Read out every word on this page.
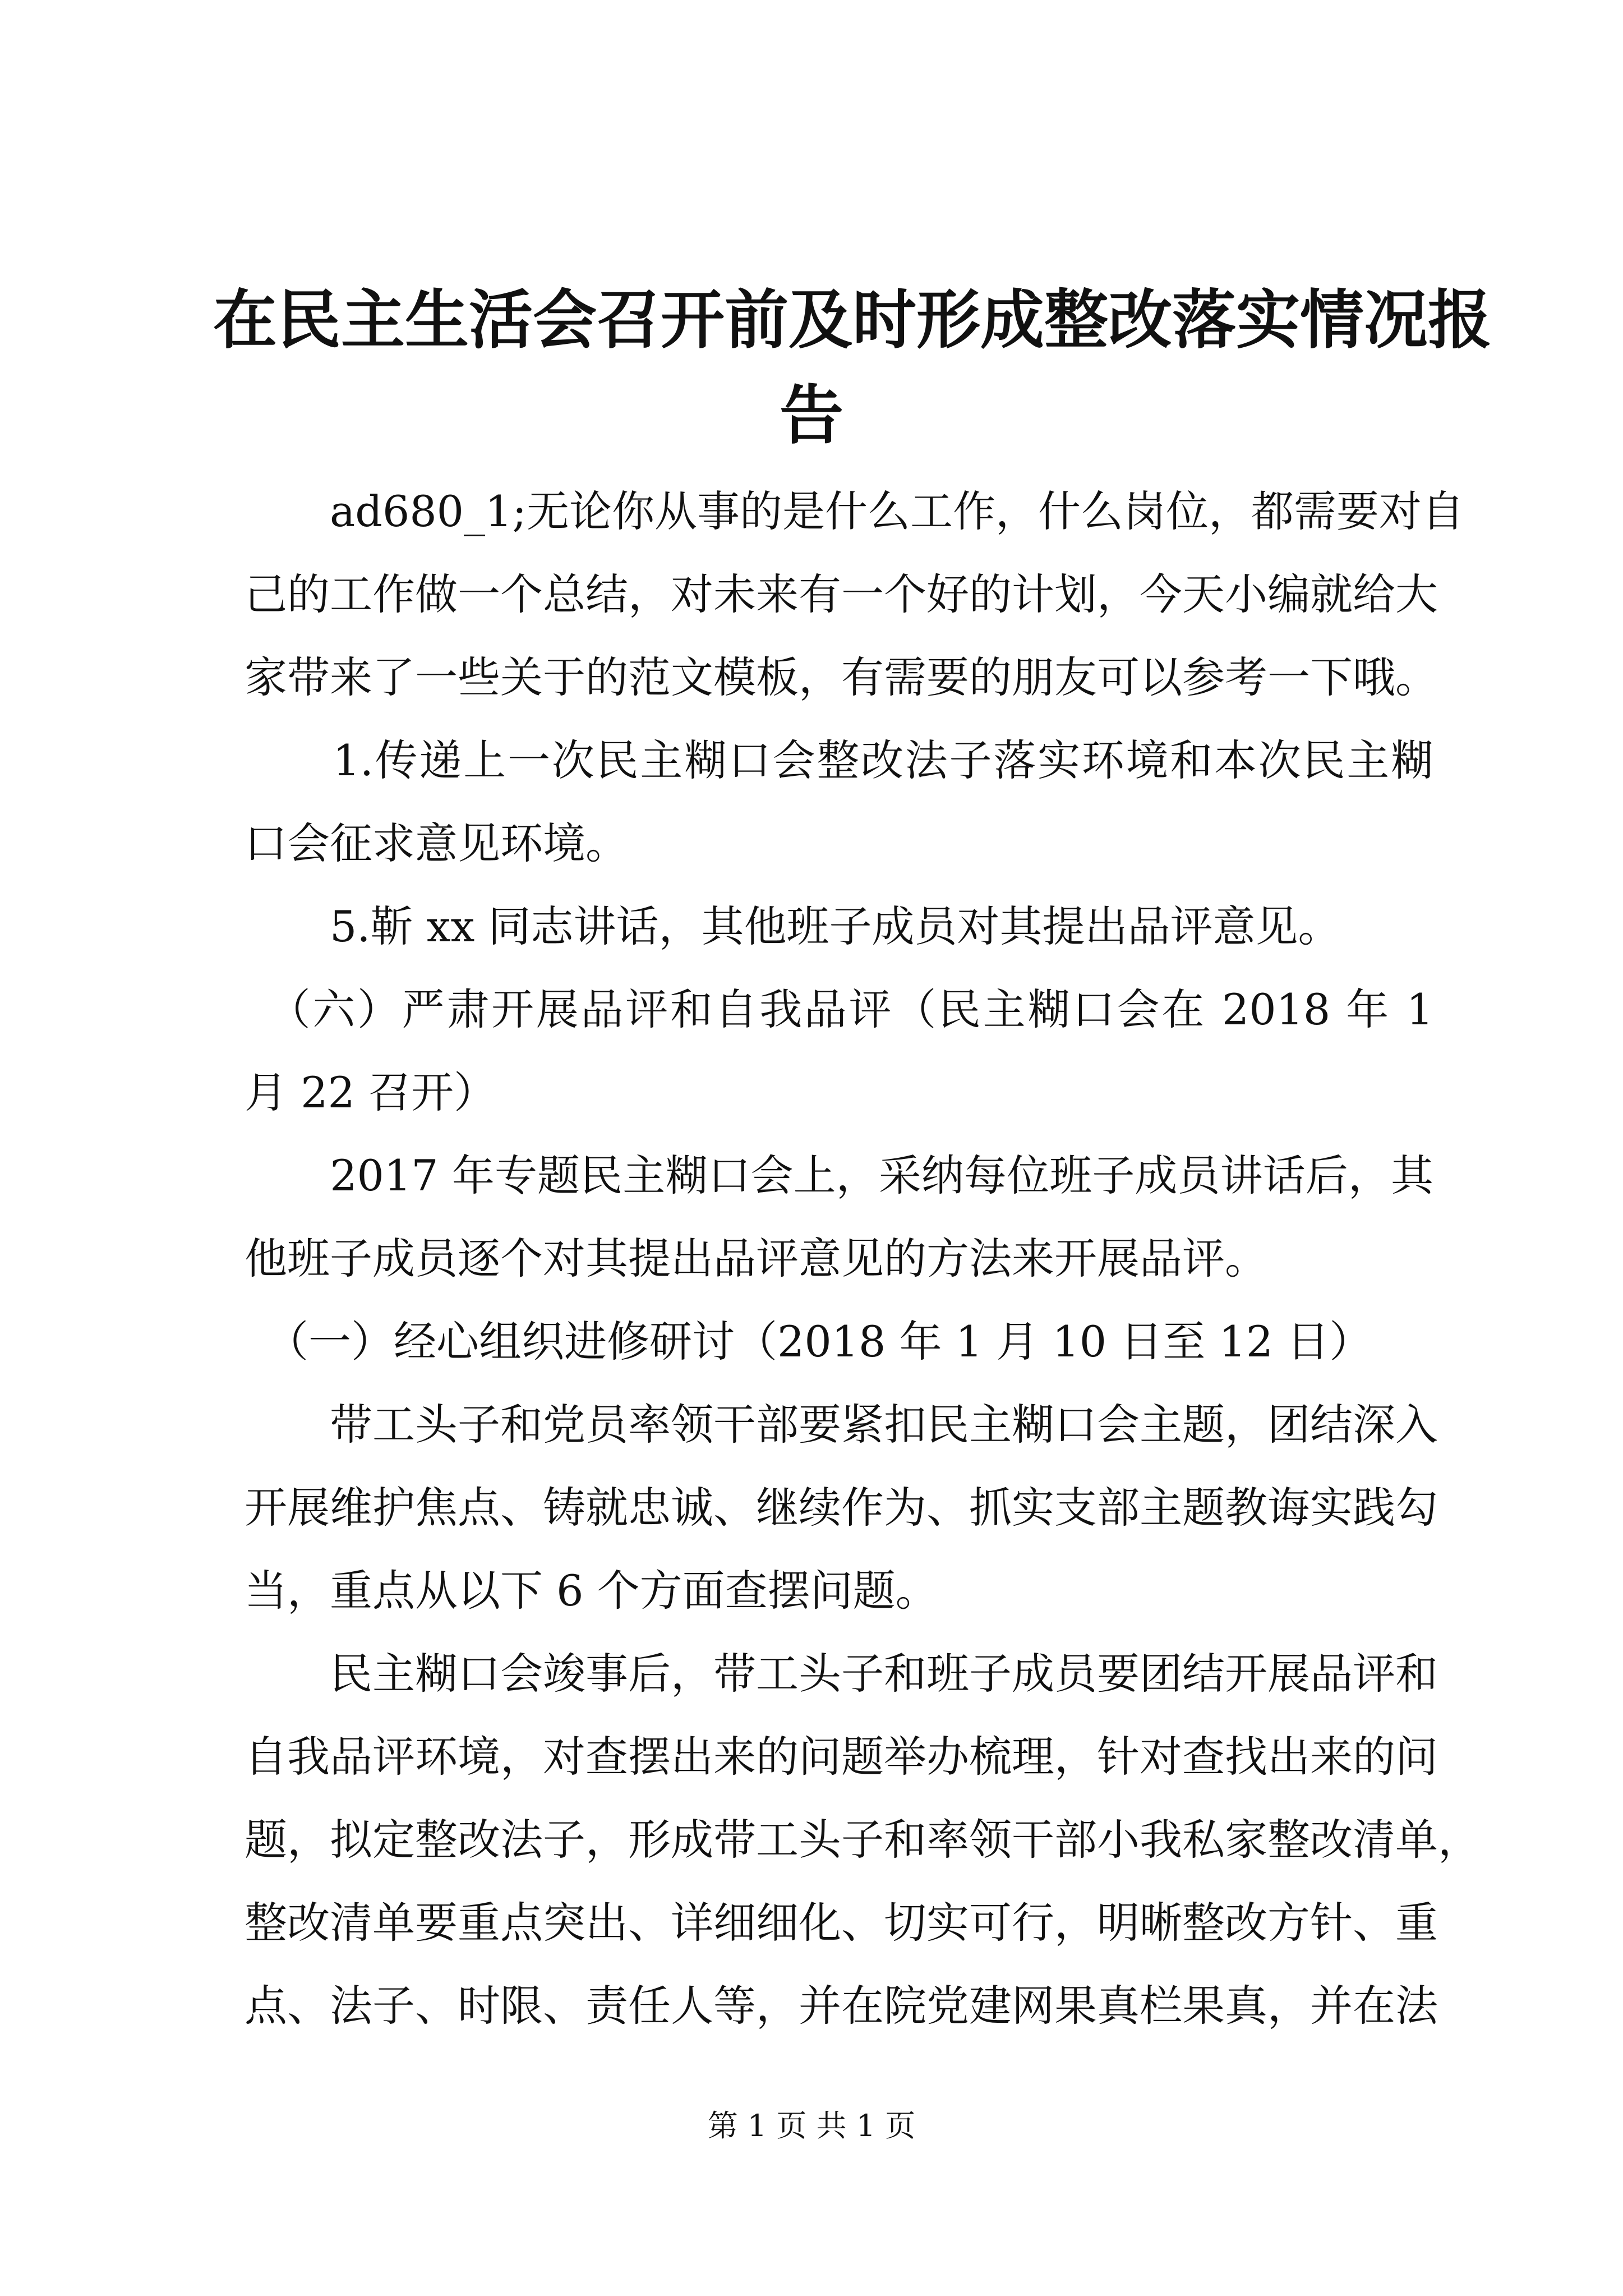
在民主生活会召开前及时形成整改落实情况报
告
　　ad680_1;无论你从事的是什么工作，什么岗位，都需要对自
己的工作做一个总结，对未来有一个好的计划，今天小编就给大
家带来了一些关于的范文模板，有需要的朋友可以参考一下哦。
　　1.传递上一次民主糊口会整改法子落实环境和本次民主糊
口会征求意见环境。
　　5.靳 xx 同志讲话，其他班子成员对其提出品评意见。
　（六）严肃开展品评和自我品评（民主糊口会在 2018 年 1
月 22 召开）
　　2017 年专题民主糊口会上，采纳每位班子成员讲话后，其
他班子成员逐个对其提出品评意见的方法来开展品评。
　（一）经心组织进修研讨（2018 年 1 月 10 日至 12 日）
　　带工头子和党员率领干部要紧扣民主糊口会主题，团结深入
开展维护焦点、铸就忠诚、继续作为、抓实支部主题教诲实践勾
当，重点从以下 6 个方面查摆问题。
　　民主糊口会竣事后，带工头子和班子成员要团结开展品评和
自我品评环境，对查摆出来的问题举办梳理，针对查找出来的问
题，拟定整改法子，形成带工头子和率领干部小我私家整改清单，
第 1 页 共 1 页
整改清单要重点突出、详细细化、切实可行，明晰整改方针、重
点、法子、时限、责任人等，并在院党建网果真栏果真，并在法
